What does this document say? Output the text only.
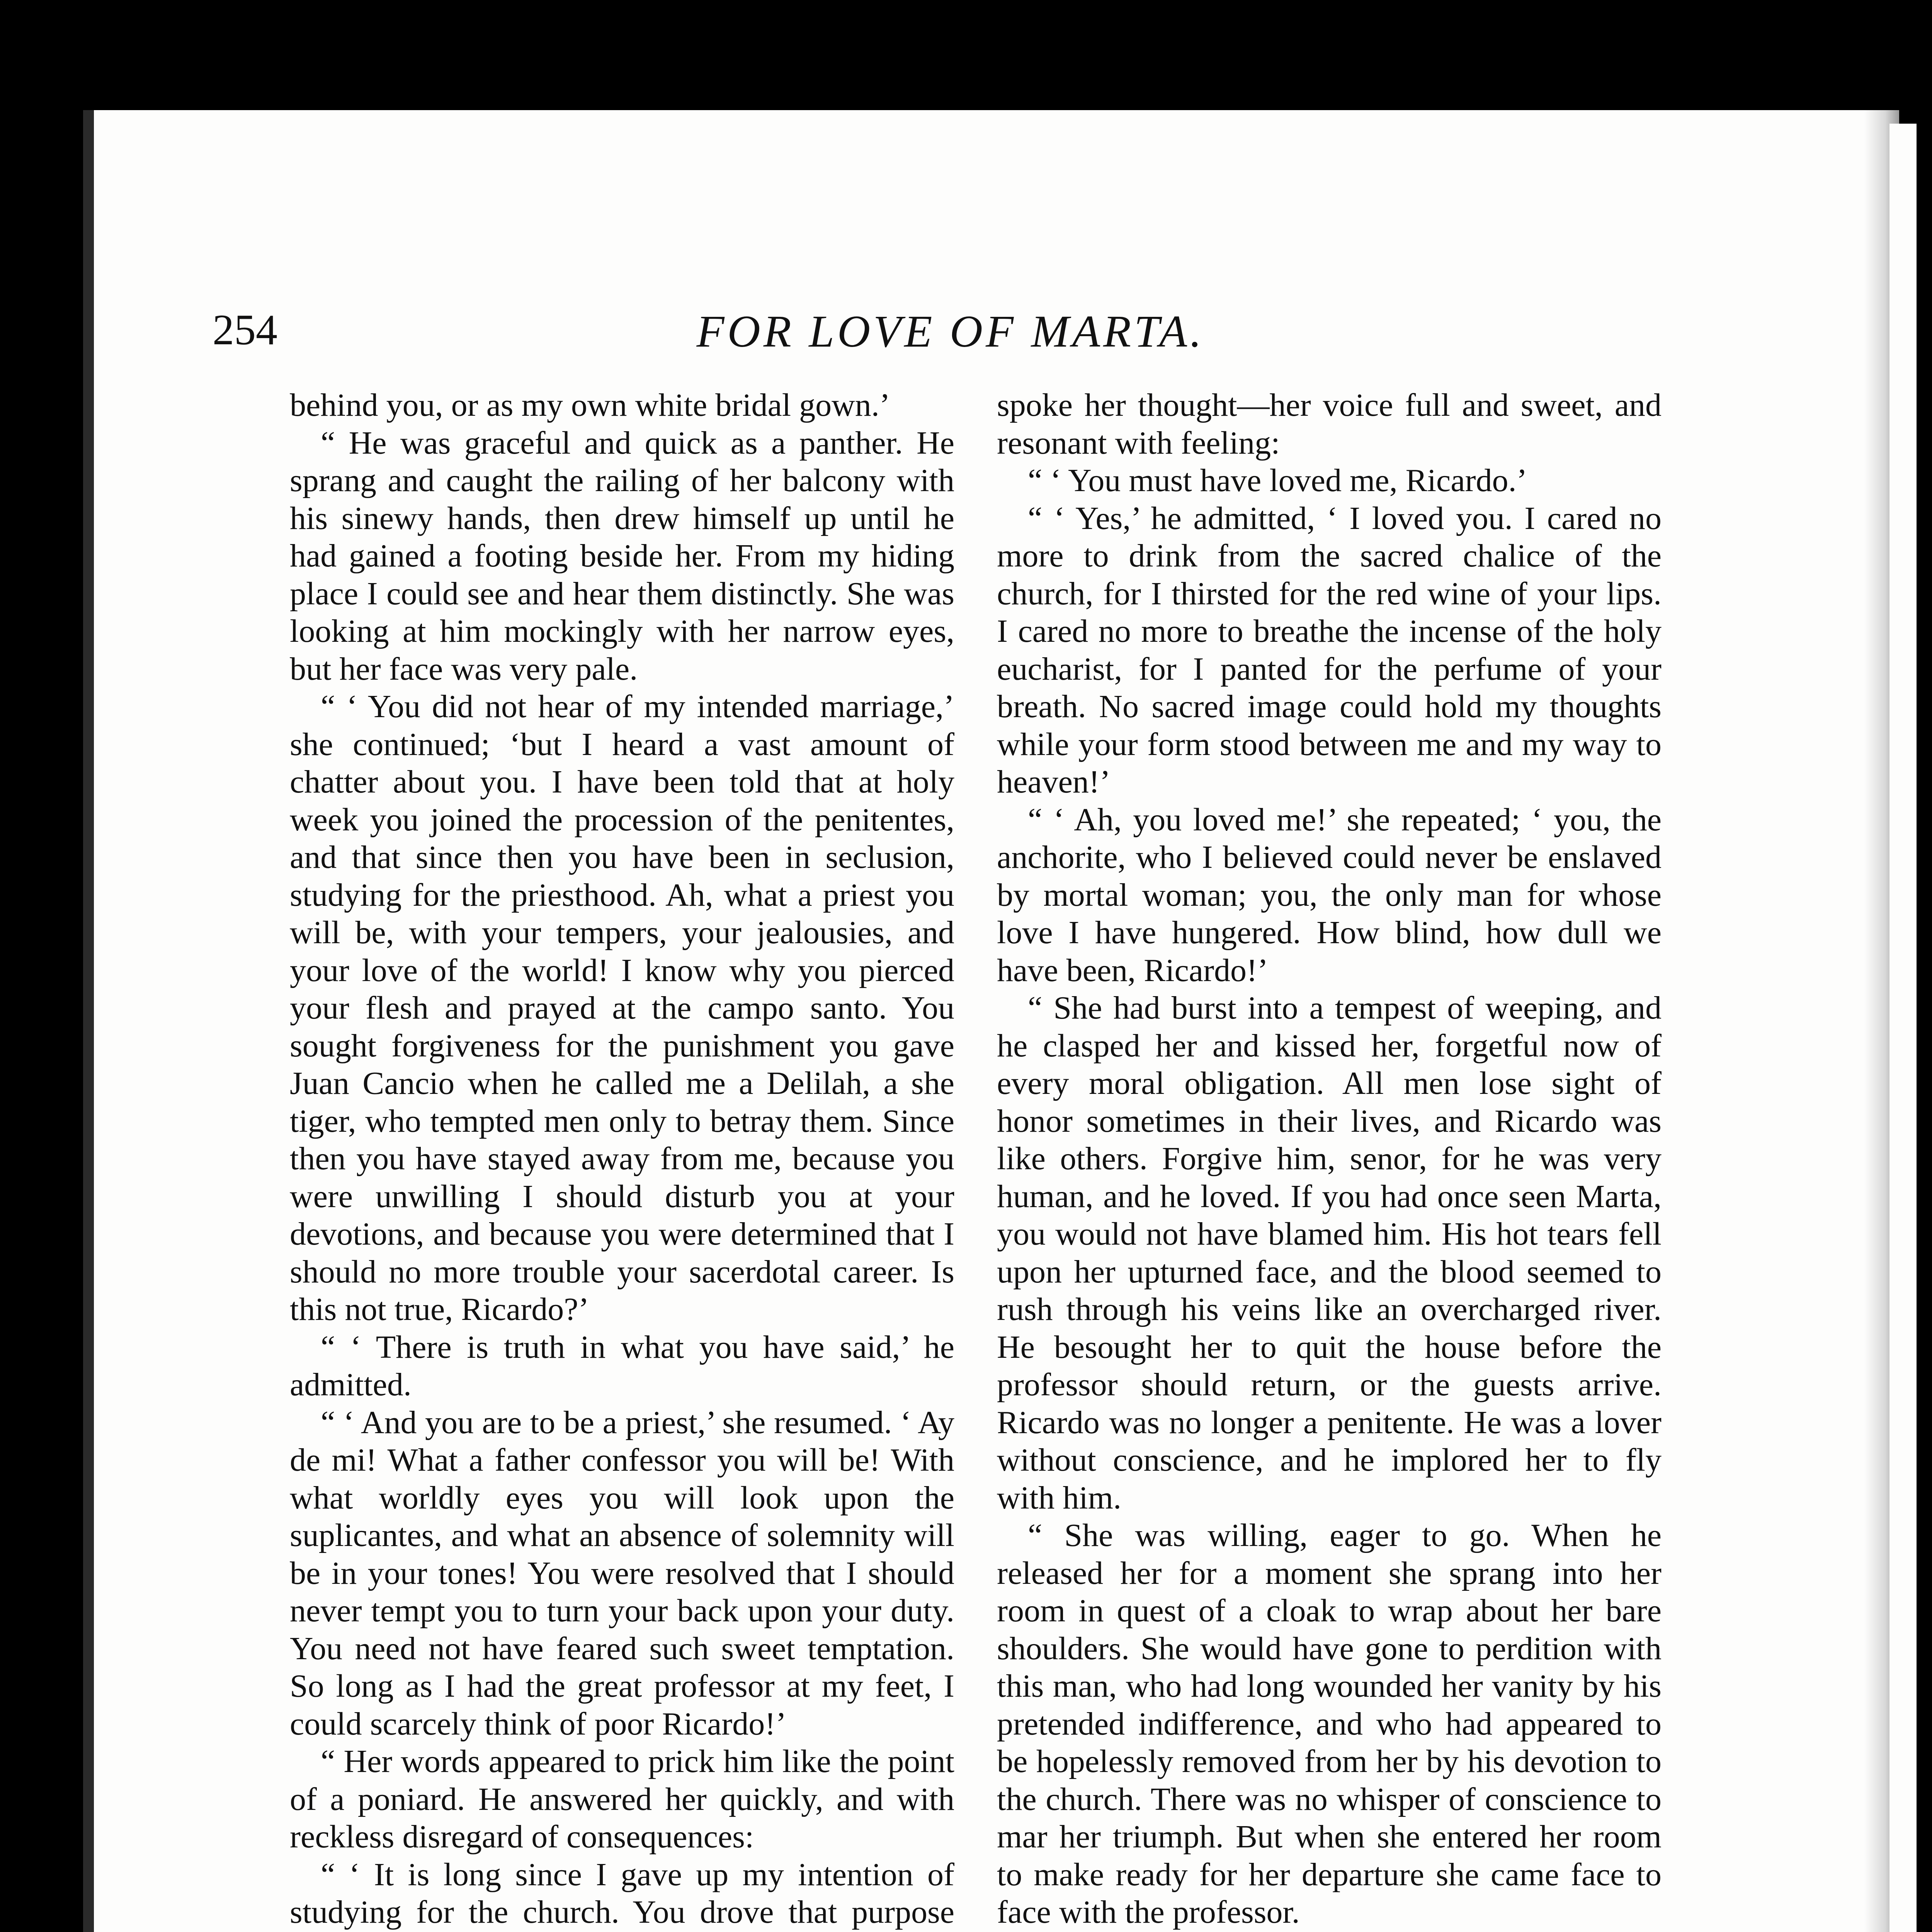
254	FOR LOVE OF MARTA.

behind you, or as my own white bridal gown.’

“ He was graceful and quick as a panther. He sprang and caught the railing of her balcony with his sinewy hands, then drew himself up until he had gained a footing beside her. From my hiding place I could see and hear them distinctly. She was looking at him mockingly with her narrow eyes, but her face was very pale.

“ ‘ You did not hear of my intended marriage,’ she continued; ‘but I heard a vast amount of chatter about you. I have been told that at holy week you joined the procession of the penitentes, and that since then you have been in seclusion, studying for the priesthood. Ah, what a priest you will be, with your tempers, your jealousies, and your love of the world! I know why you pierced your flesh and prayed at the campo santo. You sought forgiveness for the punishment you gave Juan Cancio when he called me a Delilah, a she tiger, who tempted men only to betray them. Since then you have stayed away from me, because you were unwilling I should disturb you at your devotions, and because you were determined that I should no more trouble your sacerdotal career. Is this not true, Ricardo?’

“ ‘ There is truth in what you have said,’ he admitted.

“ ‘ And you are to be a priest,’ she resumed. ‘ Ay de mi! What a father confessor you will be! With what worldly eyes you will look upon the suplicantes, and what an absence of solemnity will be in your tones! You were resolved that I should never tempt you to turn your back upon your duty. You need not have feared such sweet temptation. So long as I had the great professor at my feet, I could scarcely think of poor Ricardo!’

“ Her words appeared to prick him like the point of a poniard. He answered her quickly, and with reckless disregard of consequences:

“ ‘ It is long since I gave up my intention of studying for the church. You drove that purpose

spoke her thought—her voice full and sweet, and resonant with feeling:

“ ‘ You must have loved me, Ricardo.’

“ ‘ Yes,’ he admitted, ‘ I loved you. I cared no more to drink from the sacred chalice of the church, for I thirsted for the red wine of your lips. I cared no more to breathe the incense of the holy eucharist, for I panted for the perfume of your breath. No sacred image could hold my thoughts while your form stood between me and my way to heaven!’

“ ‘ Ah, you loved me!’ she repeated; ‘ you, the anchorite, who I believed could never be enslaved by mortal woman; you, the only man for whose love I have hungered. How blind, how dull we have been, Ricardo!’

“ She had burst into a tempest of weeping, and he clasped her and kissed her, forgetful now of every moral obligation. All men lose sight of honor sometimes in their lives, and Ricardo was like others. Forgive him, senor, for he was very human, and he loved. If you had once seen Marta, you would not have blamed him. His hot tears fell upon her upturned face, and the blood seemed to rush through his veins like an overcharged river. He besought her to quit the house before the professor should return, or the guests arrive. Ricardo was no longer a penitente. He was a lover without conscience, and he implored her to fly with him.

“ She was willing, eager to go. When he released her for a moment she sprang into her room in quest of a cloak to wrap about her bare shoulders. She would have gone to perdition with this man, who had long wounded her vanity by his pretended indifference, and who had appeared to be hopelessly removed from her by his devotion to the church. There was no whisper of conscience to mar her triumph. But when she entered her room to make ready for her departure she came face to face with the professor.
